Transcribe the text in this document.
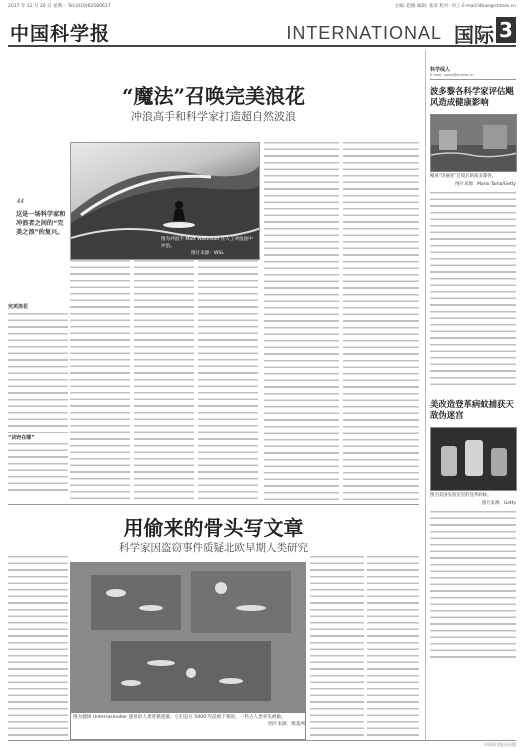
2017 年 11 月 20 日 星期一 Tel:(010)62580617	主编: 赵路 编辑: 张章 校对: 何工 E-mail:ldhao@stimes.cn
中国科学报	INTERNATIONAL 国际 3
“魔法”召唤完美浪花
冲浪高手和科学家打造超自然波浪
“
这是一场科学家和冲浪者之间的“完美之浪”的复兴。
图为冲浪手 Matt Wilkinson 在人工冲浪池中冲浪。
图片来源：WSL
完美浪花
“诀窍在哪”
用偷来的骨头写文章
科学家因盗窃事件质疑北欧早期人类研究
图为德国 Unterrasmoller 遗址的人类骨骼遗骸。它们是在 5000 年前被下葬的，一些古人类骨头被偷。
图片来源：维基网
科学线人
E-mail: xwsb@stimes.cn
波多黎各科学家评估飓风造成健康影响
飓风“玛丽亚”过境后的波多黎各。
图片来源：Mario Tama/Getty
美改造登革病蚊捕获天敌伪迷宫
图为美国实验室里的登革病蚊。
图片来源：Getty
中国科学报社出版
